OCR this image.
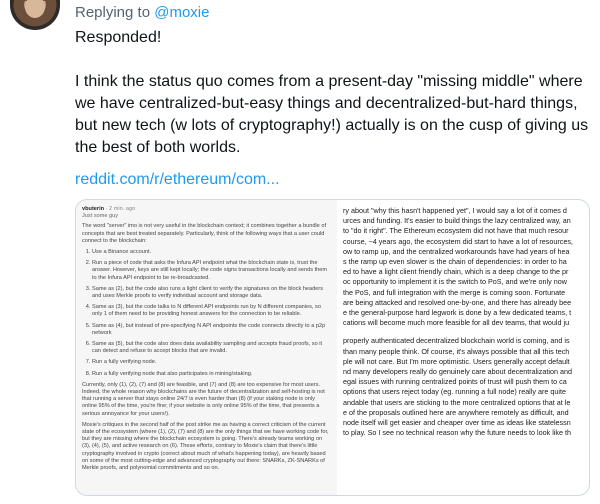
Replying to @moxie

Responded!

I think the status quo comes from a present-day "missing middle" where we have centralized-but-easy things and decentralized-but-hard things, but new tech (w lots of cryptography!) actually is on the cusp of giving us the best of both worlds.

reddit.com/r/ethereum/com...
vbuterin · 2 min. ago
Just some guy
The word "server" imo is not very useful in the blockchain context; it combines together a bundle of concepts that are best treated separately. Particularly, think of the following ways that a user could connect to the blockchain:
1. Use a Binance account.
2. Run a piece of code that asks the Infura API endpoint what the blockchain state is, trust the answer. However, keys are still kept locally; the code signs transactions locally and sends them to the Infura API endpoint to be re-broadcasted.
3. Same as (2), but the code also runs a light client to verify the signatures on the block headers and uses Merkle proofs to verify individual account and storage data.
4. Same as (3), but the code talks to N different API endpoints run by N different companies, so only 1 of them need to be providing honest answers for the connection to be reliable.
5. Same as (4), but instead of pre-specifying N API endpoints the code connects directly to a p2p network
6. Same as (5), but the code also does data availability sampling and accepts fraud proofs, so it can detect and refuse to accept blocks that are invalid.
7. Run a fully verifying node.
8. Run a fully verifying node that also participates in mining/staking.
Currently, only (1), (2), (7) and (8) are feasible, and (7) and (8) are too expensive for most users. Indeed, the whole reason why blockchains are the future of decentralization and self-hosting is not that running a server that stays online 24/7 is even harder than (8) (if your staking node is only online 95% of the time, you're fine; if your website is only online 95% of the time, that presents a serious annoyance for your users!).
Moxie's critiques in the second half of the post strike me as having a correct criticism of the current state of the ecosystem (where (1), (2), (7) and (8) are the only things that we have working code for, but they are missing where the blockchain ecosystem is going. There's already teams working on (3), (4), (5), and active research on (6). These efforts, contrary to Moxie's claim that there's little cryptography involved in crypto (correct about much of what's happening today), are heavily based on some of the most cutting-edge and advanced cryptography out there: SNARKs, ZK-SNARKs of Merkle proofs, and polynomial commitments and so on.
ry about "why this hasn't happened yet", I would say a lot of it comes d
urces and funding. It's easier to build things the lazy centralized way, an
to "do it right". The Ethereum ecosystem did not have that much resour
course, ~4 years ago, the ecosystem did start to have a lot of resources,
ow to ramp up, and the centralized workarounds have had years of hea
s the ramp up even slower is the chain of dependencies: in order to ha
ed to have a light client friendly chain, which is a deep change to the pr
oc opportunity to implement it is the switch to PoS, and we're only now
the PoS, and full integration with the merge is coming soon. Fortunate
are being attacked and resolved one-by-one, and there has already bee
e the general-purpose hard legwork is done by a few dedicated teams, t
cations will become much more feasible for all dev teams, that would ju
properly authenticated decentralized blockchain world is coming, and is
than many people think. Of course, it's always possible that all this tech
ple will not care. But I'm more optimistic. Users generally accept default
nd many developers really do genuinely care about decentralization and
egal issues with running centralized points of trust will push them to ca
options that users reject today (eg. running a full node) really are quite
andable that users are sticking to the more centralized options that at le
e of the proposals outlined here are anywhere remotely as difficult, and
node itself will get easier and cheaper over time as ideas like statelessn
to play. So I see no technical reason why the future needs to look like th
